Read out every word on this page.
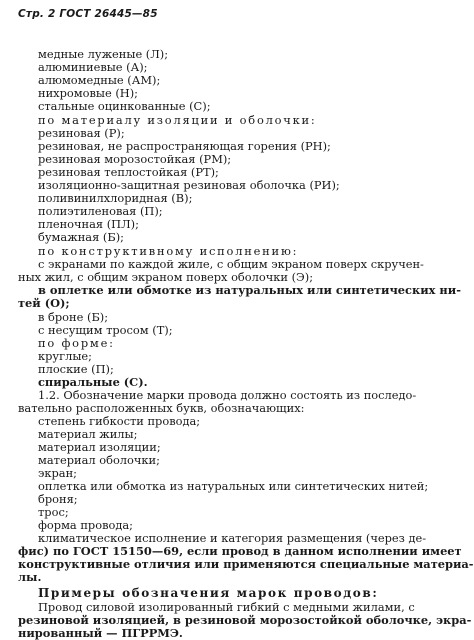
Стр. 2 ГОСТ 26445—85
медные луженые (Л);
алюминиевые (А);
алюмомедные (АМ);
нихромовые (Н);
стальные оцинкованные (С);
по материалу изоляции и оболочки:
резиновая (Р);
резиновая, не распространяющая горения (РН);
резиновая морозостойкая (РМ);
резиновая теплостойкая (РТ);
изоляционно-защитная резиновая оболочка (РИ);
поливинилхлоридная (В);
полиэтиленовая (П);
пленочная (ПЛ);
бумажная (Б);
по конструктивному исполнению:
с экранами по каждой жиле, с общим экраном поверх скручен-
ных жил, с общим экраном поверх оболочки (Э);
в оплетке или обмотке из натуральных или синтетических ни-
тей (О);
в броне (Б);
с несущим тросом (Т);
по форме:
круглые;
плоские (П);
спиральные (С).
1.2. Обозначение марки провода должно состоять из последо-
вательно расположенных букв, обозначающих:
степень гибкости провода;
материал жилы;
материал изоляции;
материал оболочки;
экран;
оплетка или обмотка из натуральных или синтетических нитей;
броня;
трос;
форма провода;
климатическое исполнение и категория размещения (через де-
фис) по ГОСТ 15150—69, если провод в данном исполнении имеет
конструктивные отличия или применяются специальные материа-
лы.
Примеры обозначения марок проводов:
Провод силовой изолированный гибкий с медными жилами, с
резиновой изоляцией, в резиновой морозостойкой оболочке, экра-
нированный — ПГРРМЭ.
